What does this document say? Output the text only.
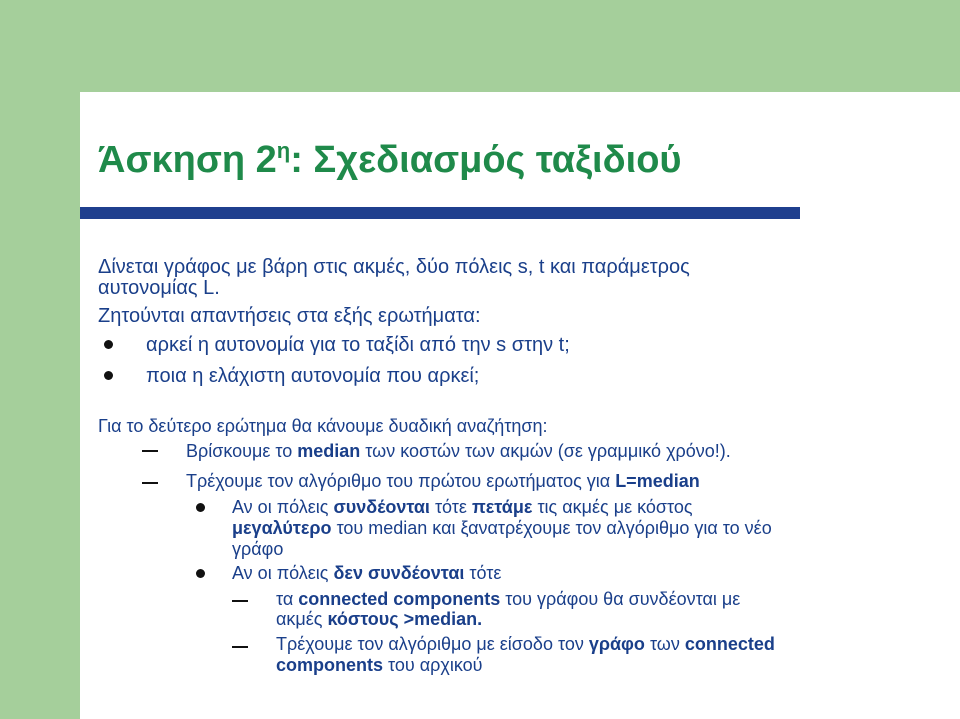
Άσκηση $2^\eta$: Σχεδιασμός ταξιδιού
Δίνεται γράφος με βάρη στις ακμές, δύο πόλεις s, t και παράμετρος
αυτονομίας L.
Ζητούνται απαντήσεις στα εξής ερωτήματα:
αρκεί η αυτονομία για το ταξίδι από την s στην t;
ποια η ελάχιστη αυτονομία που αρκεί;
Για το δεύτερο ερώτημα θα κάνουμε δυαδική αναζήτηση:
Βρίσκουμε το median των κοστών των ακμών (σε γραμμικό χρόνο!).
Τρέχουμε τον αλγόριθμο του πρώτου ερωτήματος για L=median
Αν οι πόλεις συνδέονται τότε πετάμε τις ακμές με κόστος
μεγαλύτερο του median και ξανατρέχουμε τον αλγόριθμο για το νέο
γράφο
Αν οι πόλεις δεν συνδέονται τότε
τα connected components του γράφου θα συνδέονται με
ακμές κόστους >median.
Τρέχουμε τον αλγόριθμο με είσοδο τον γράφο των connected
components του αρχικού
